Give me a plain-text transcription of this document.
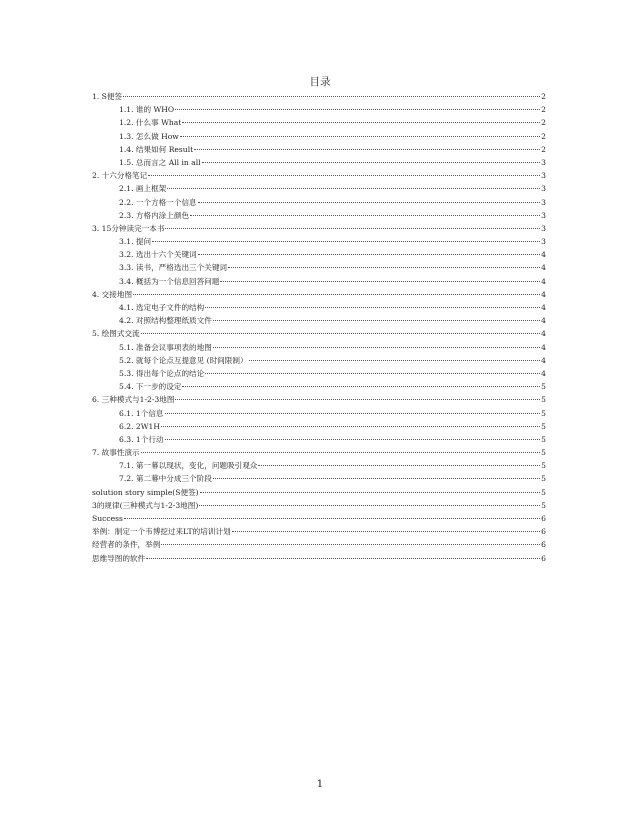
目录
1. S便签	2
1.1. 谁的 WHO	2
1.2. 什么事 What	2
1.3. 怎么做 How	2
1.4. 结果如何 Result	2
1.5. 总而言之 All in all	3
2. 十六分格笔记	3
2.1. 画上框架	3
2.2. 一个方格一个信息	3
2.3. 方格内涂上颜色	3
3. 15分钟读完一本书	3
3.1. 提问	3
3.2. 选出十六个关键词	4
3.3. 读书，严格选出三个关键词	4
3.4. 概括为一个信息回答问题	4
4. 交接地图	4
4.1. 选定电子文件的结构	4
4.2. 对照结构整理纸质文件	4
5. 绘图式交流	4
5.1. 准备会议事项表的地图	4
5.2. 就每个论点互提意见 (时间限制）	4
5.3. 得出每个论点的结论	4
5.4. 下一步的设定	5
6. 三种模式与1-2-3地图	5
6.1. 1个信息	5
6.2. 2W1H	5
6.3. 1个行动	5
7. 故事性演示	5
7.1. 第一幕以现状，变化，问题吸引观众	5
7.2. 第二幕中分成三个阶段	5
solution story simple(S便签)	5
3的规律(三种模式与1-2-3地图)	5
Success	6
举例：制定一个韦博挖过来LT的培训计划	6
经营者的条件，举例	6
思维导图的软件	6
1
